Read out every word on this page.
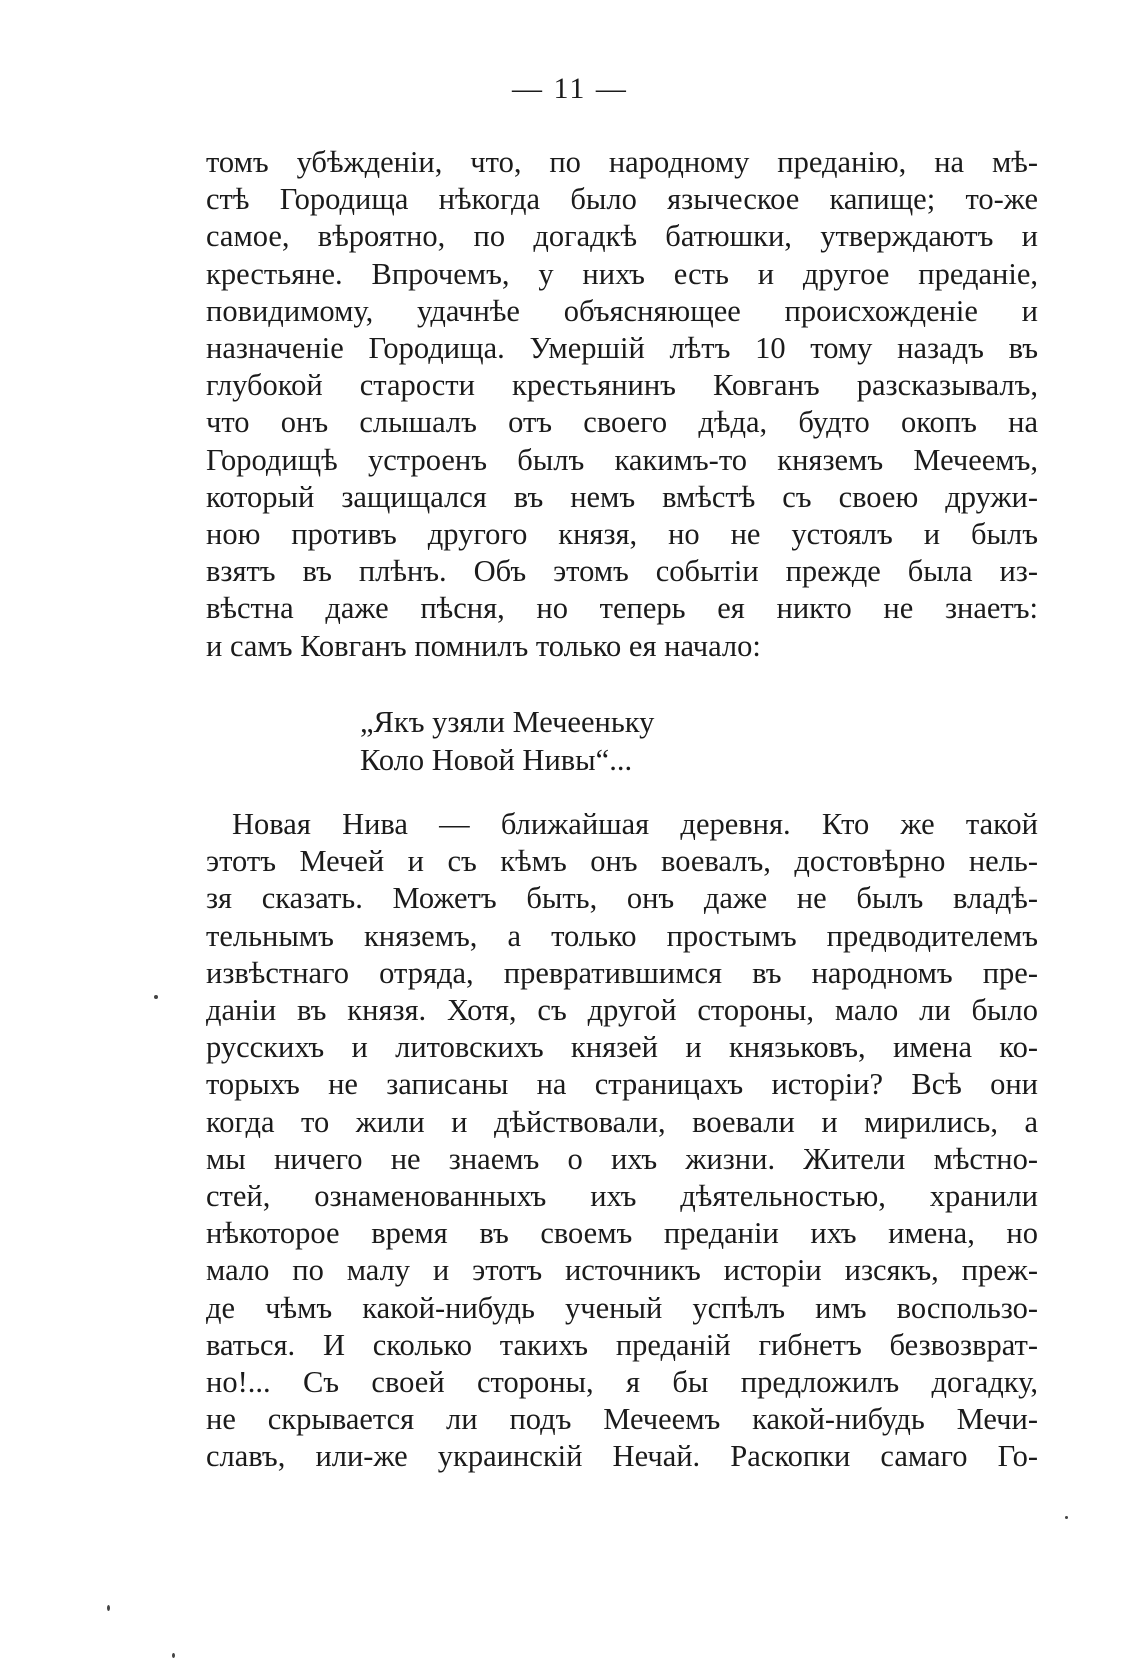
— 11 —
томъ убѣжденіи, что, по народному преданію, на мѣ-
стѣ Городища нѣкогда было языческое капище; то-же
самое, вѣроятно, по догадкѣ батюшки, утверждаютъ и
крестьяне. Впрочемъ, у нихъ есть и другое преданіе,
повидимому, удачнѣе объясняющее происхожденіе и
назначеніе Городища. Умершій лѣтъ 10 тому назадъ въ
глубокой старости крестьянинъ Ковганъ разсказывалъ,
что онъ слышалъ отъ своего дѣда, будто окопъ на
Городищѣ устроенъ былъ какимъ-то княземъ Мечеемъ,
который защищался въ немъ вмѣстѣ съ своею дружи-
ною противъ другого князя, но не устоялъ и былъ
взятъ въ плѣнъ. Объ этомъ событіи прежде была из-
вѣстна даже пѣсня, но теперь ея никто не знаетъ:
и самъ Ковганъ помнилъ только ея начало:
„Якъ узяли Мечееньку
Коло Новой Нивы“...
Новая Нива — ближайшая деревня. Кто же такой
этотъ Мечей и съ кѣмъ онъ воевалъ, достовѣрно нель-
зя сказать. Можетъ быть, онъ даже не былъ владѣ-
тельнымъ княземъ, а только простымъ предводителемъ
извѣстнаго отряда, превратившимся въ народномъ пре-
даніи въ князя. Хотя, съ другой стороны, мало ли было
русскихъ и литовскихъ князей и князьковъ, имена ко-
торыхъ не записаны на страницахъ исторіи? Всѣ они
когда то жили и дѣйствовали, воевали и мирились, а
мы ничего не знаемъ о ихъ жизни. Жители мѣстно-
стей, ознаменованныхъ ихъ дѣятельностью, хранили
нѣкоторое время въ своемъ преданіи ихъ имена, но
мало по малу и этотъ источникъ исторіи изсякъ, преж-
де чѣмъ какой-нибудь ученый успѣлъ имъ воспользо-
ваться. И сколько такихъ преданій гибнетъ безвозврат-
но!... Съ своей стороны, я бы предложилъ догадку,
не скрывается ли подъ Мечеемъ какой-нибудь Мечи-
славъ, или-же украинскій Нечай. Раскопки самаго Го-
